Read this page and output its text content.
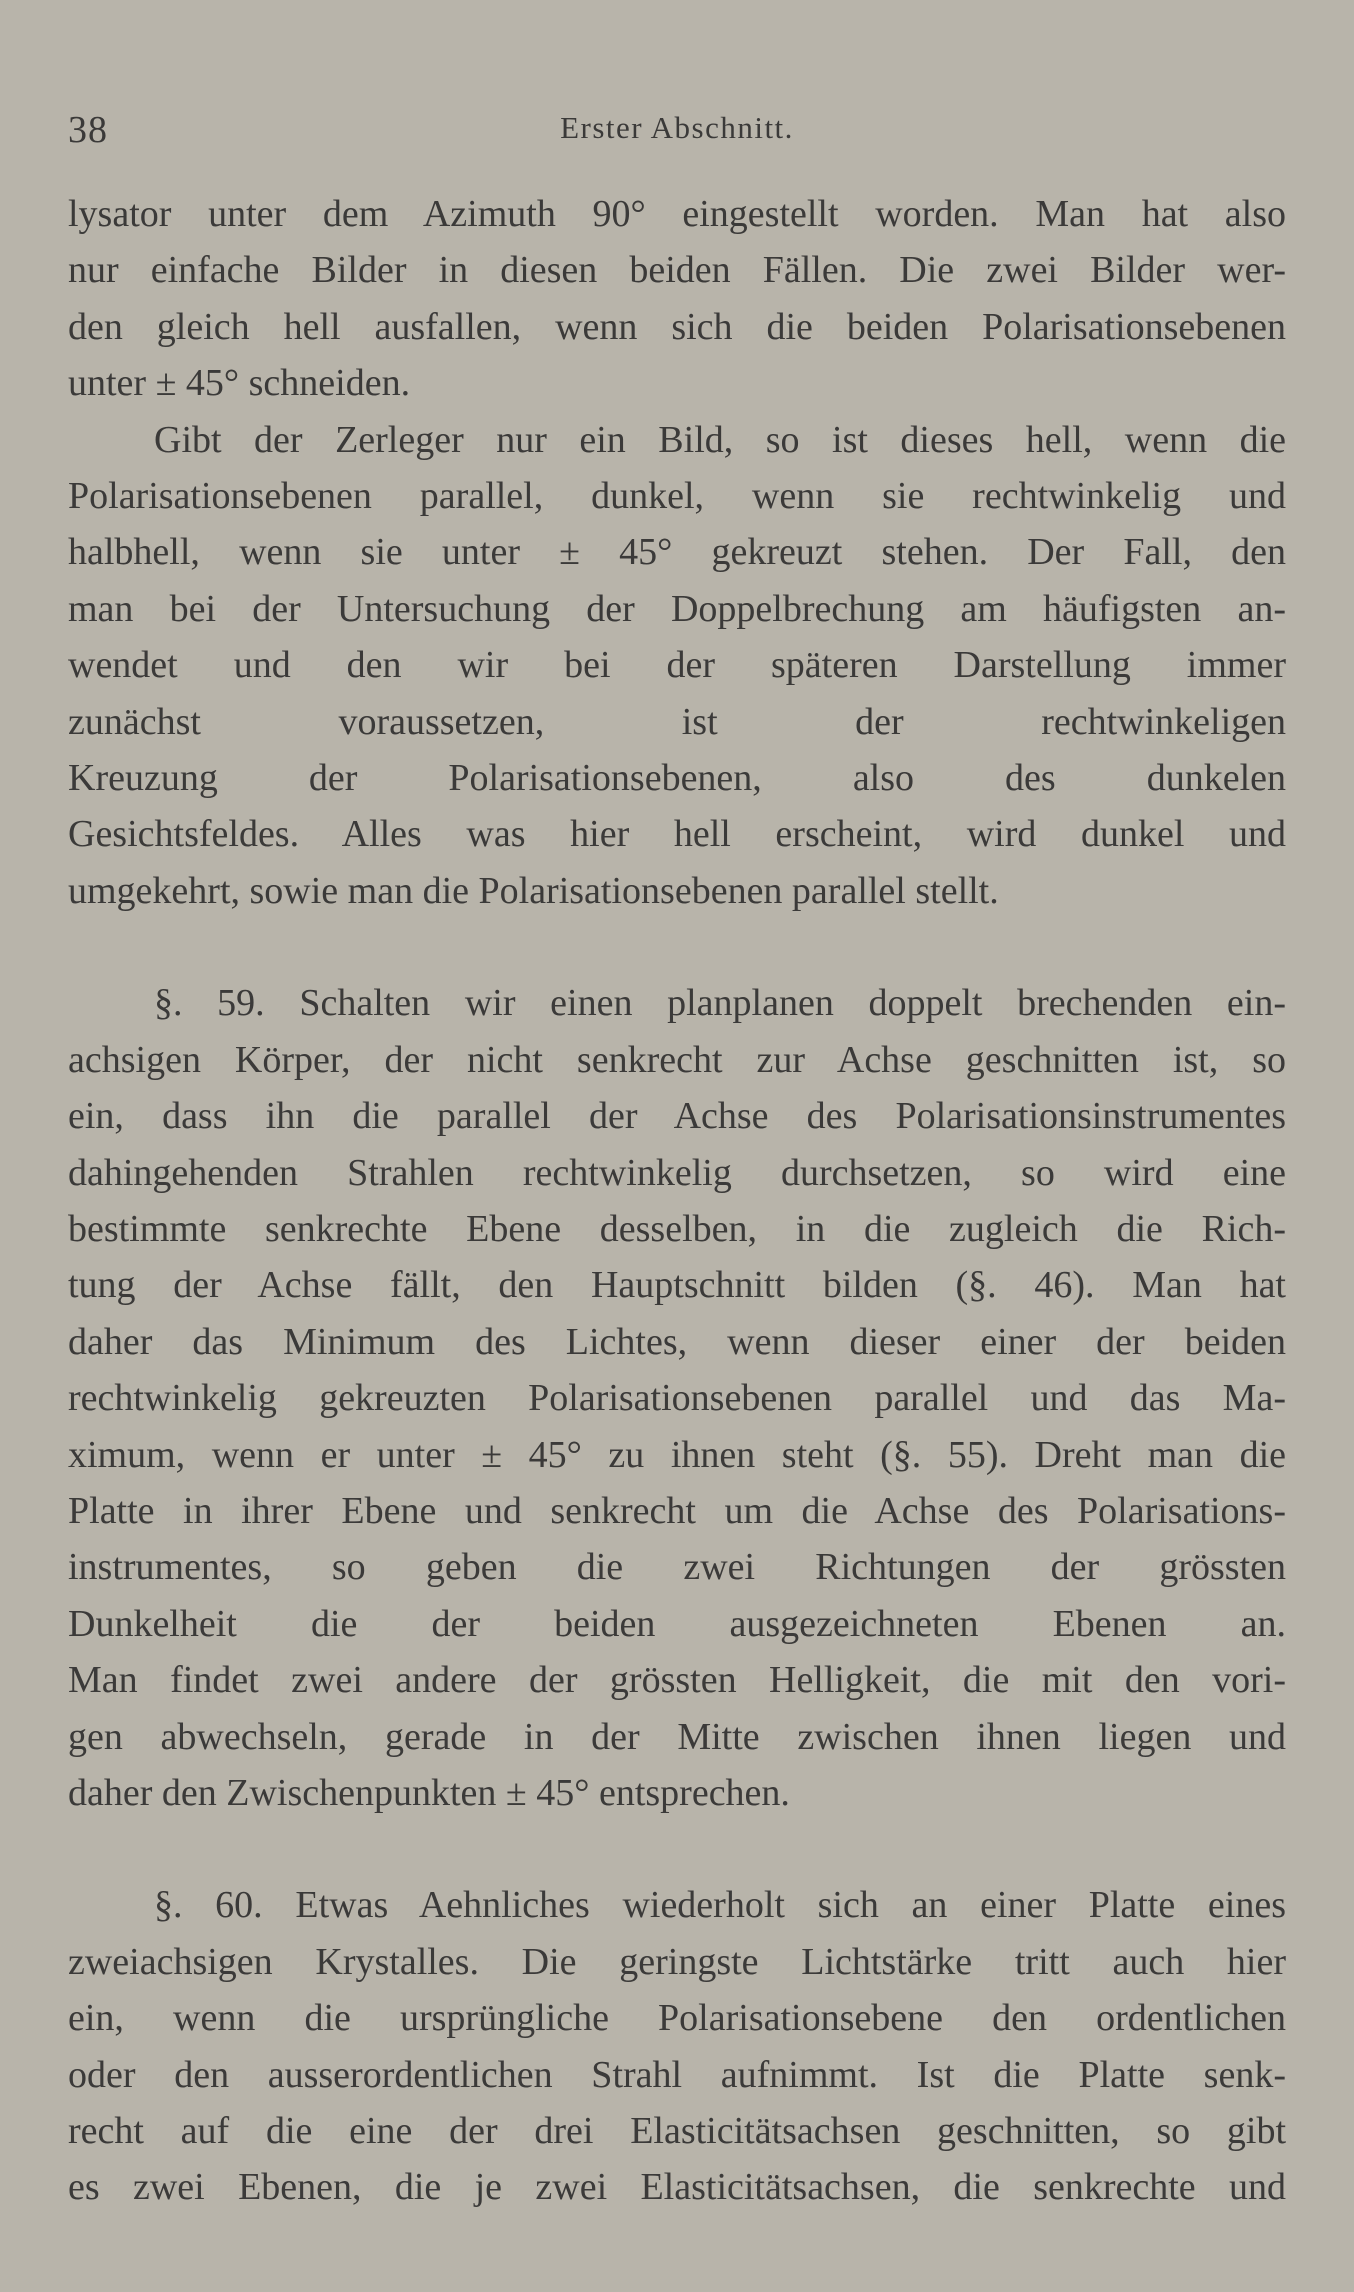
38	Erster Abschnitt.

lysator unter dem Azimuth 90° eingestellt worden. Man hat also
nur einfache Bilder in diesen beiden Fällen. Die zwei Bilder wer-
den gleich hell ausfallen, wenn sich die beiden Polarisationsebenen
unter ± 45° schneiden.

Gibt der Zerleger nur ein Bild, so ist dieses hell, wenn die
Polarisationsebenen parallel, dunkel, wenn sie rechtwinkelig und
halbhell, wenn sie unter ± 45° gekreuzt stehen. Der Fall, den
man bei der Untersuchung der Doppelbrechung am häufigsten an-
wendet und den wir bei der späteren Darstellung immer
zunächst voraussetzen, ist der rechtwinkeligen
Kreuzung der Polarisationsebenen, also des dunkelen
Gesichtsfeldes. Alles was hier hell erscheint, wird dunkel und
umgekehrt, sowie man die Polarisationsebenen parallel stellt.

§. 59. Schalten wir einen planplanen doppelt brechenden ein-
achsigen Körper, der nicht senkrecht zur Achse geschnitten ist, so
ein, dass ihn die parallel der Achse des Polarisationsinstrumentes
dahingehenden Strahlen rechtwinkelig durchsetzen, so wird eine
bestimmte senkrechte Ebene desselben, in die zugleich die Rich-
tung der Achse fällt, den Hauptschnitt bilden (§. 46). Man hat
daher das Minimum des Lichtes, wenn dieser einer der beiden
rechtwinkelig gekreuzten Polarisationsebenen parallel und das Ma-
ximum, wenn er unter ± 45° zu ihnen steht (§. 55). Dreht man die
Platte in ihrer Ebene und senkrecht um die Achse des Polarisations-
instrumentes, so geben die zwei Richtungen der grössten
Dunkelheit die der beiden ausgezeichneten Ebenen an.
Man findet zwei andere der grössten Helligkeit, die mit den vori-
gen abwechseln, gerade in der Mitte zwischen ihnen liegen und
daher den Zwischenpunkten ± 45° entsprechen.

§. 60. Etwas Aehnliches wiederholt sich an einer Platte eines
zweiachsigen Krystalles. Die geringste Lichtstärke tritt auch hier
ein, wenn die ursprüngliche Polarisationsebene den ordentlichen
oder den ausserordentlichen Strahl aufnimmt. Ist die Platte senk-
recht auf die eine der drei Elasticitätsachsen geschnitten, so gibt
es zwei Ebenen, die je zwei Elasticitätsachsen, die senkrechte und
